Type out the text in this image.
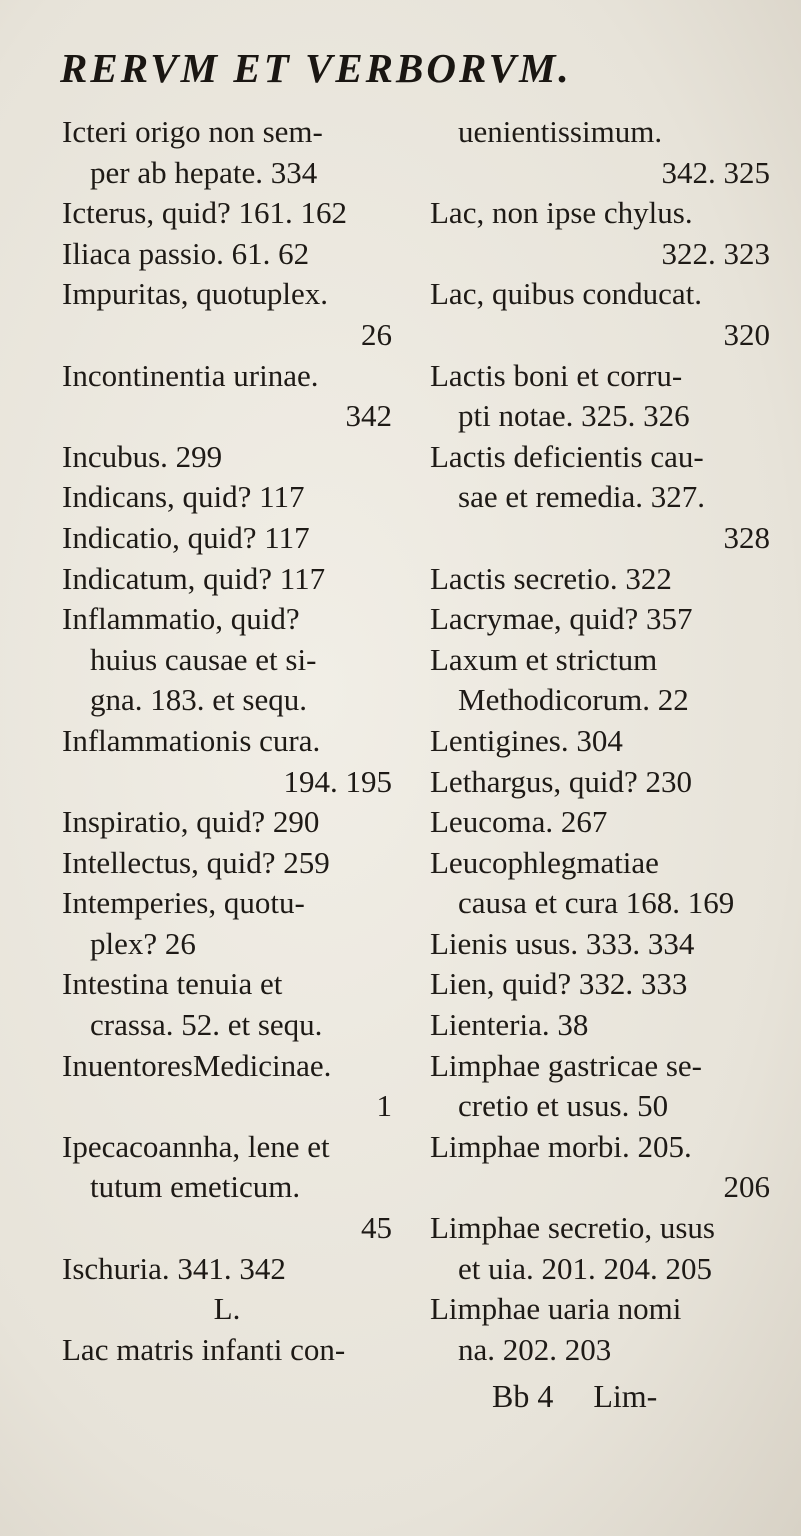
RERVM ET VERBORVM.
Icteri origo non sem-
per ab hepate. 334
Icterus, quid? 161. 162
Iliaca passio. 61. 62
Impuritas, quotuplex.
26
Incontinentia urinae.
342
Incubus. 299
Indicans, quid? 117
Indicatio, quid? 117
Indicatum, quid? 117
Inflammatio, quid?
huius causae et si-
gna. 183. et sequ.
Inflammationis cura.
194. 195
Inspiratio, quid? 290
Intellectus, quid? 259
Intemperies, quotu-
plex? 26
Intestina tenuia et
crassa. 52. et sequ.
InuentoresMedicinae.
1
Ipecacoannha, lene et
tutum emeticum.
45
Ischuria. 341. 342
L.
Lac matris infanti con-
uenientissimum.
342. 325
Lac, non ipse chylus.
322. 323
Lac, quibus conducat.
320
Lactis boni et corru-
pti notae. 325. 326
Lactis deficientis cau-
sae et remedia. 327.
328
Lactis secretio. 322
Lacrymae, quid? 357
Laxum et strictum
Methodicorum. 22
Lentigines. 304
Lethargus, quid? 230
Leucoma. 267
Leucophlegmatiae
causa et cura 168. 169
Lienis usus. 333. 334
Lien, quid? 332. 333
Lienteria. 38
Limphae gastricae se-
cretio et usus. 50
Limphae morbi. 205.
206
Limphae secretio, usus
et uia. 201. 204. 205
Limphae uaria nomi
na. 202. 203
Bb 4 Lim-
